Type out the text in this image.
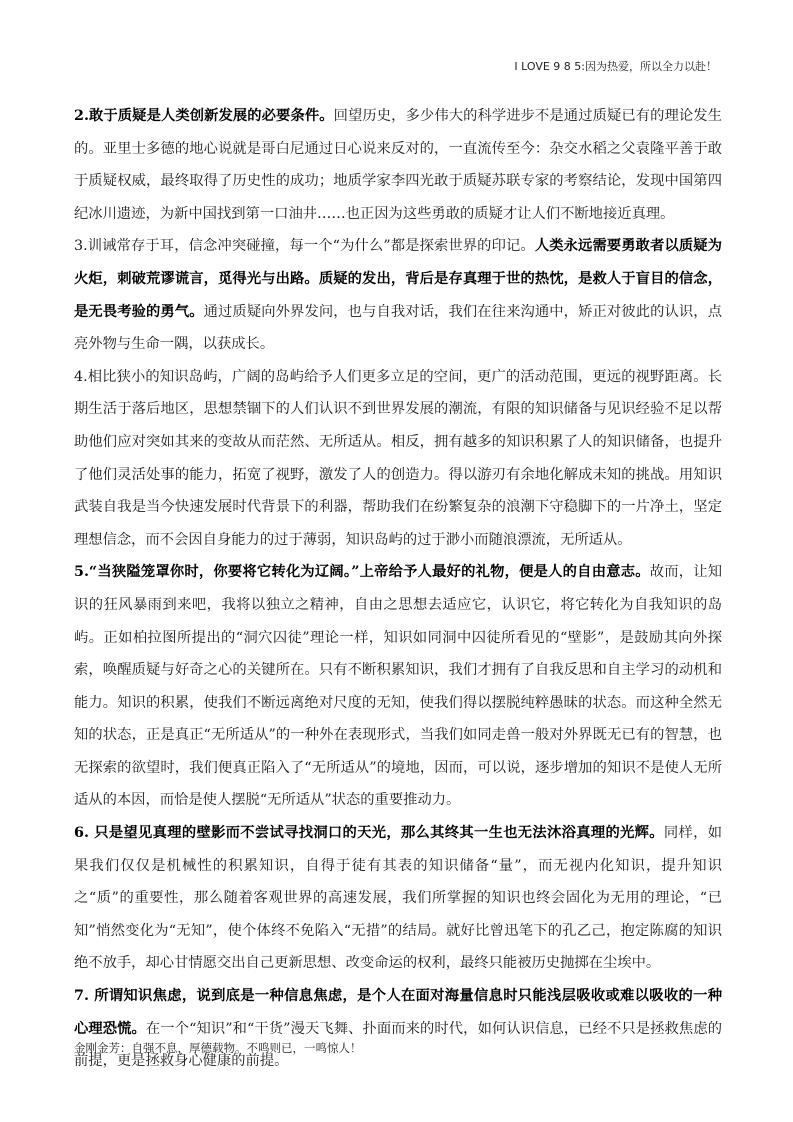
I LOVE 9 8 5:因为热爱，所以全力以赴！

2.敢于质疑是人类创新发展的必要条件。回望历史，多少伟大的科学进步不是通过质疑已有的理论发生的。亚里士多德的地心说就是哥白尼通过日心说来反对的，一直流传至今：杂交水稻之父袁隆平善于敢于质疑权威，最终取得了历史性的成功；地质学家李四光敢于质疑苏联专家的考察结论，发现中国第四纪冰川遗迹，为新中国找到第一口油井……也正因为这些勇敢的质疑才让人们不断地接近真理。

3.训诫常存于耳，信念冲突碰撞，每一个“为什么”都是探索世界的印记。人类永远需要勇敢者以质疑为火炬，刺破荒谬谎言，觅得光与出路。质疑的发出，背后是存真理于世的热忱，是救人于盲目的信念，是无畏考验的勇气。通过质疑向外界发问，也与自我对话，我们在往来沟通中，矫正对彼此的认识，点亮外物与生命一隅，以获成长。

4.相比狭小的知识岛屿，广阔的岛屿给予人们更多立足的空间，更广的活动范围，更远的视野距离。长期生活于落后地区，思想禁锢下的人们认识不到世界发展的潮流，有限的知识储备与见识经验不足以帮助他们应对突如其来的变故从而茫然、无所适从。相反，拥有越多的知识积累了人的知识储备，也提升了他们灵活处事的能力，拓宽了视野，激发了人的创造力。得以游刃有余地化解成未知的挑战。用知识武装自我是当今快速发展时代背景下的利器，帮助我们在纷繁复杂的浪潮下守稳脚下的一片净土，坚定理想信念，而不会因自身能力的过于薄弱，知识岛屿的过于渺小而随浪漂流，无所适从。

5.“当狭隘笼罩你时，你要将它转化为辽阔。”上帝给予人最好的礼物，便是人的自由意志。故而，让知识的狂风暴雨到来吧，我将以独立之精神，自由之思想去适应它，认识它，将它转化为自我知识的岛屿。正如柏拉图所提出的“洞穴囚徒”理论一样，知识如同洞中囚徒所看见的“壁影”，是鼓励其向外探索，唤醒质疑与好奇之心的关键所在。只有不断积累知识，我们才拥有了自我反思和自主学习的动机和能力。知识的积累，使我们不断远离绝对尺度的无知，使我们得以摆脱纯粹愚昧的状态。而这种全然无知的状态，正是真正“无所适从”的一种外在表现形式，当我们如同走兽一般对外界既无已有的智慧，也无探索的欲望时，我们便真正陷入了“无所适从”的境地，因而，可以说，逐步增加的知识不是使人无所适从的本因，而恰是使人摆脱“无所适从”状态的重要推动力。

6. 只是望见真理的壁影而不尝试寻找洞口的天光，那么其终其一生也无法沐浴真理的光辉。同样，如果我们仅仅是机械性的积累知识，自得于徒有其表的知识储备“量”，而无视内化知识，提升知识之“质”的重要性，那么随着客观世界的高速发展，我们所掌握的知识也终会固化为无用的理论，“已知”悄然变化为“无知”，使个体终不免陷入“无措”的结局。就好比曾迅笔下的孔乙己，抱定陈腐的知识绝不放手，却心甘情愿交出自己更新思想、改变命运的权利，最终只能被历史抛掷在尘埃中。

7. 所谓知识焦虑，说到底是一种信息焦虑，是个人在面对海量信息时只能浅层吸收或难以吸收的一种心理恐慌。在一个“知识”和“干货”漫天飞舞、扑面而来的时代，如何认识信息，已经不只是拯救焦虑的前提，更是拯救身心健康的前提。

金刚金芳：自强不息，厚德载物。不鸣则已，一鸣惊人！
